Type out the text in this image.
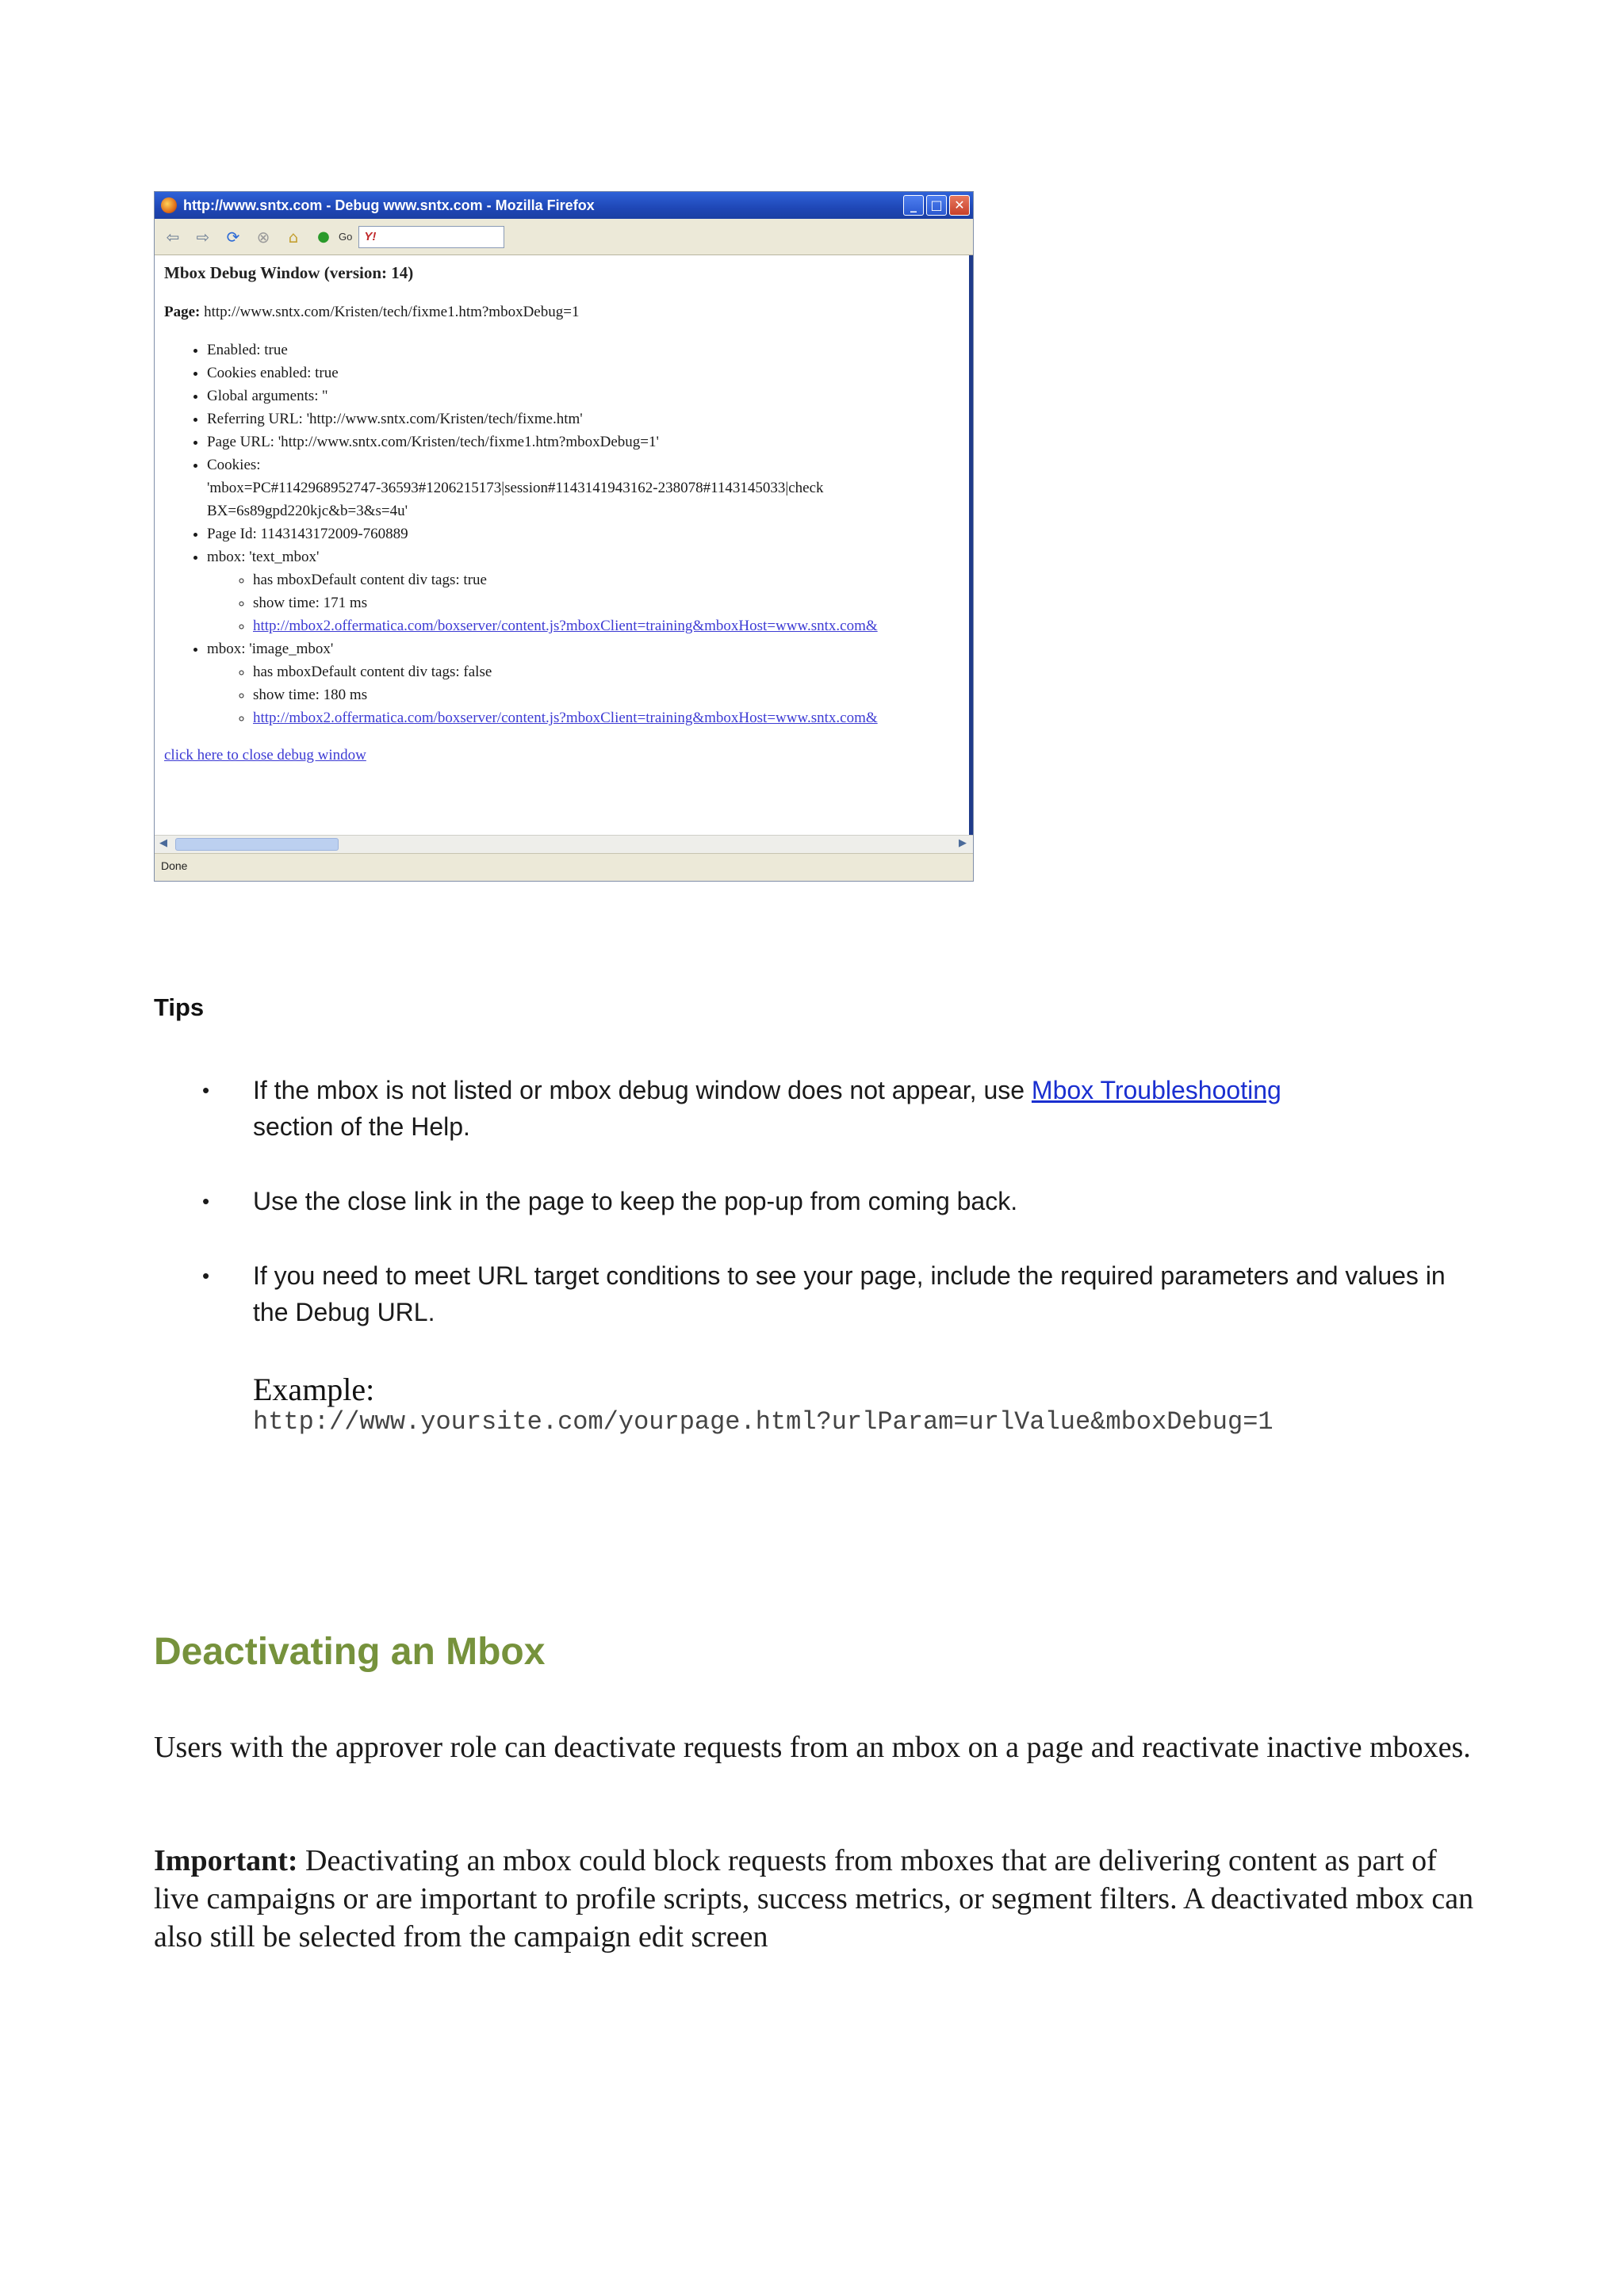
http://www.sntx.com - Debug www.sntx.com - Mozilla Firefox	_	□ ✕
⇦	⇨	⟳	⊗	⌂	● Go	Y!
Mbox Debug Window (version: 14)
Page: http://www.sntx.com/Kristen/tech/fixme1.htm?mboxDebug=1
• Enabled: true
• Cookies enabled: true
• Global arguments: ''
• Referring URL: 'http://www.sntx.com/Kristen/tech/fixme.htm'
• Page URL: 'http://www.sntx.com/Kristen/tech/fixme1.htm?mboxDebug=1'
• Cookies:
'mbox=PC#1142968952747-36593#1206215173|session#1143141943162-238078#1143145033|check
BX=6s89gpd220kjc&b=3&s=4u'
• Page Id: 1143143172009-760889
• mbox: 'text_mbox'
◦ has mboxDefault content div tags: true
◦ show time: 171 ms
◦ http://mbox2.offermatica.com/boxserver/content.js?mboxClient=training&mboxHost=www.sntx.com&
• mbox: 'image_mbox'
◦ has mboxDefault content div tags: false
◦ show time: 180 ms
◦ http://mbox2.offermatica.com/boxserver/content.js?mboxClient=training&mboxHost=www.sntx.com&
click here to close debug window
◀	▶
Done
Tips
• If the mbox is not listed or mbox debug window does not appear, use Mbox Troubleshooting
section of the Help.
• Use the close link in the page to keep the pop-up from coming back.
• If you need to meet URL target conditions to see your page, include the required parameters and values in the Debug URL.

Example:

http://www.yoursite.com/yourpage.html?urlParam=urlValue&mboxDebug=1

Deactivating an Mbox

Users with the approver role can deactivate requests from an mbox on a page and reactivate inactive mboxes.

Important: Deactivating an mbox could block requests from mboxes that are delivering content as part of live campaigns or are important to profile scripts, success metrics, or segment filters. A deactivated mbox can also still be selected from the campaign edit screen
